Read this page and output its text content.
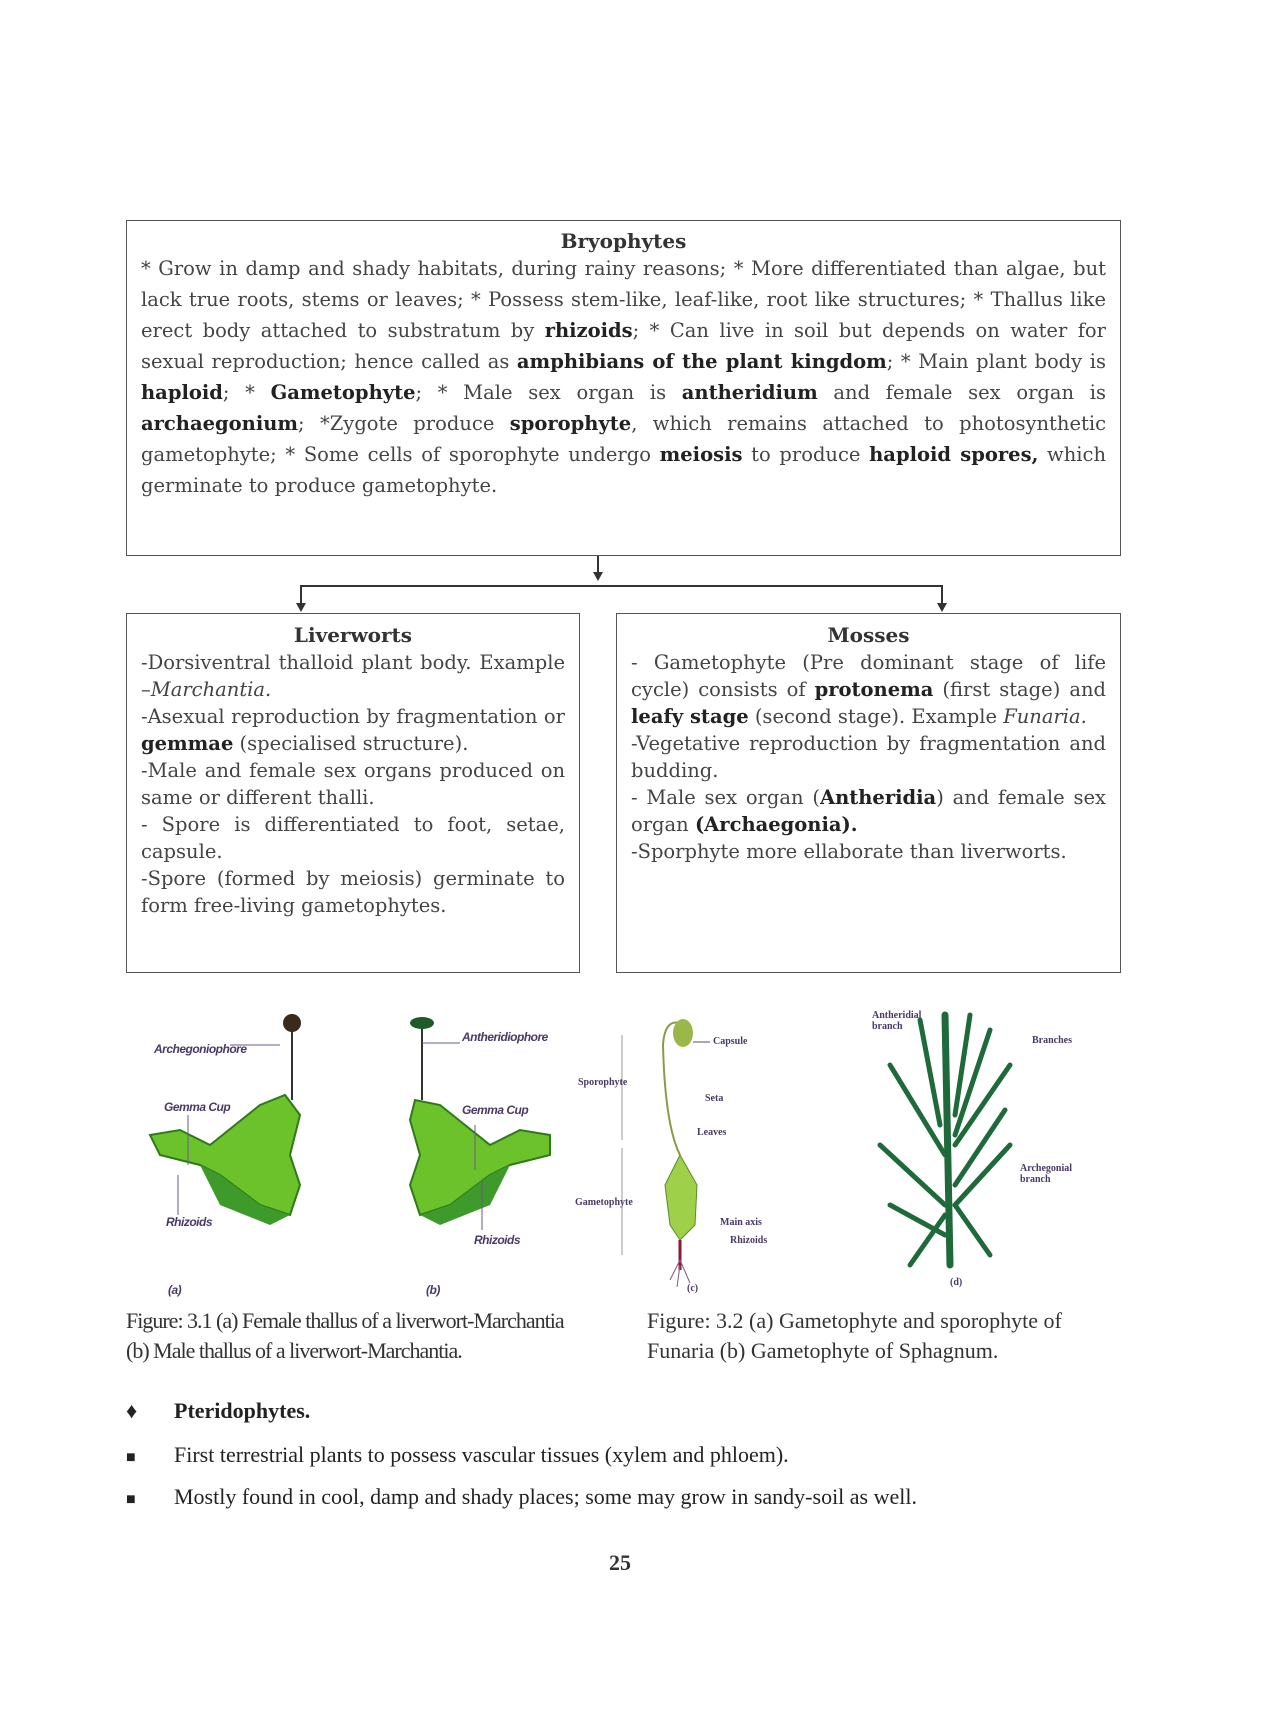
Bryophytes
* Grow in damp and shady habitats, during rainy reasons; * More differentiated than algae, but lack true roots, stems or leaves; * Possess stem-like, leaf-like, root like structures; * Thallus like erect body attached to substratum by rhizoids; * Can live in soil but depends on water for sexual reproduction; hence called as amphibians of the plant kingdom; * Main plant body is haploid; * Gametophyte; * Male sex organ is antheridium and female sex organ is archaegonium; *Zygote produce sporophyte, which remains attached to photosynthetic gametophyte; * Some cells of sporophyte undergo meiosis to produce haploid spores, which germinate to produce gametophyte.
Liverworts

-Dorsiventral thalloid plant body. Example –Marchantia.

-Asexual reproduction by fragmentation or gemmae (specialised structure).

-Male and female sex organs produced on same or different thalli.

- Spore is differentiated to foot, setae, capsule.

-Spore (formed by meiosis) germinate to form free-living gametophytes.

Mosses

- Gametophyte (Pre dominant stage of life cycle) consists of protonema (first stage) and leafy stage (second stage). Example Funaria.

-Vegetative reproduction by fragmentation and budding.

- Male sex organ (Antheridia) and female sex organ (Archaegonia).

-Sporphyte more ellaborate than liverworts.

Archegoniophore
Gemma Cup
Rhizoids
(a)
Antheridiophore
Gemma Cup
Rhizoids
(b)
Capsule
Sporophyte
Seta
Leaves
Gametophyte
Main axis
Rhizoids
(c)
Antheridial branch
Branches
Archegonial branch
(d)
Figure: 3.1 (a) Female thallus of a liverwort-Marchantia
(b) Male thallus of a liverwort-Marchantia.
Figure: 3.2 (a) Gametophyte and sporophyte of
Funaria (b) Gametophyte of Sphagnum.
♦ Pteridophytes.
■ First terrestrial plants to possess vascular tissues (xylem and phloem).
■ Mostly found in cool, damp and shady places; some may grow in sandy-soil as well.
25
